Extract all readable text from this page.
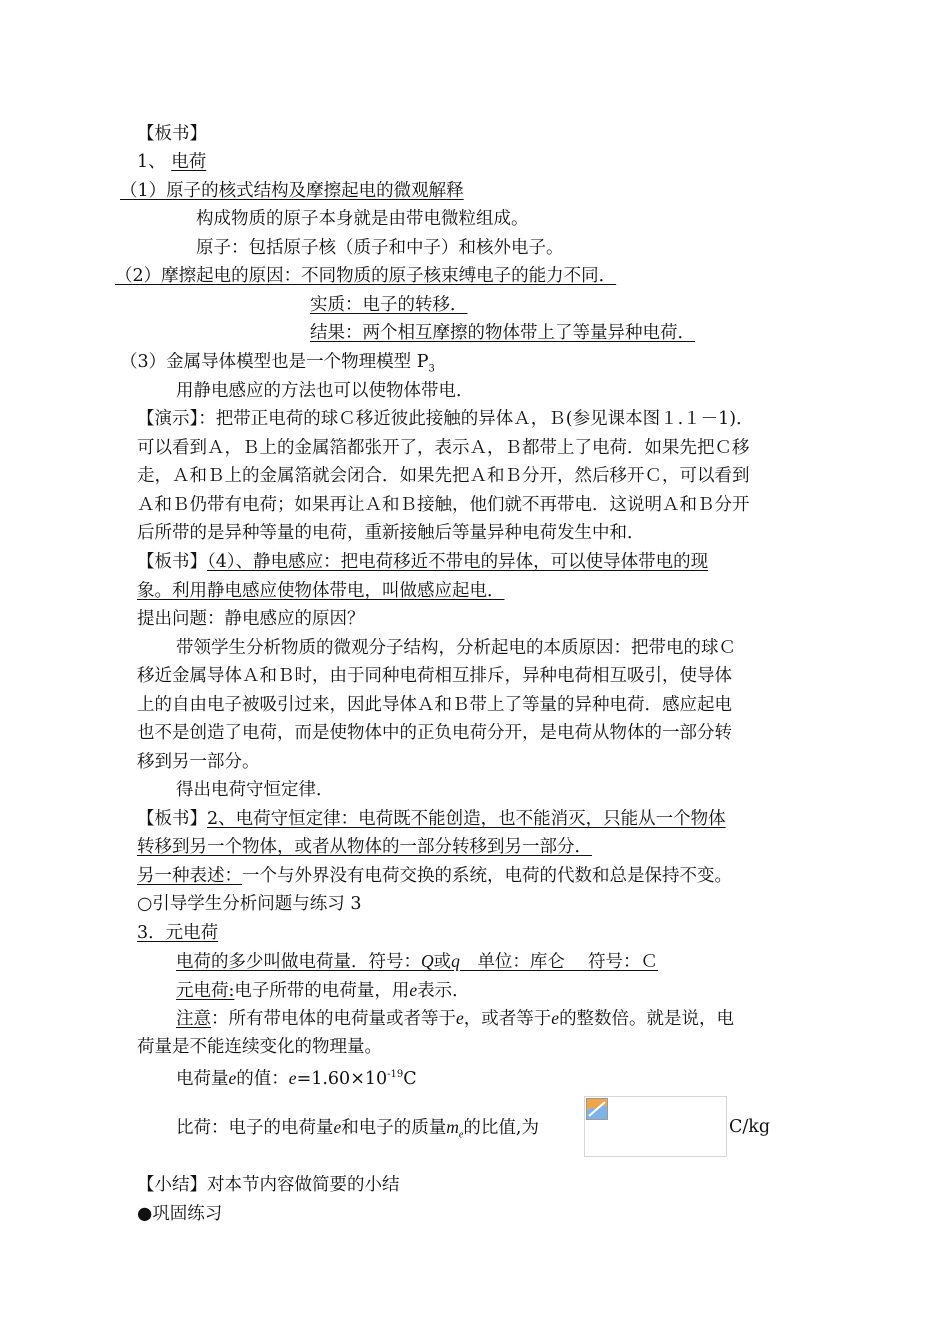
【板书】
1、 电荷
（1）原子的核式结构及摩擦起电的微观解释
构成物质的原子本身就是由带电微粒组成。
原子：包括原子核（质子和中子）和核外电子。
（2）摩擦起电的原因：不同物质的原子核束缚电子的能力不同．
实质：电子的转移．
结果：两个相互摩擦的物体带上了等量异种电荷．
（3）金属导体模型也是一个物理模型 $P_3$
用静电感应的方法也可以使物体带电．
【演示】：把带正电荷的球Ｃ移近彼此接触的异体Ａ，Ｂ(参见课本图１.１－1)．
可以看到Ａ，Ｂ上的金属箔都张开了，表示Ａ，Ｂ都带上了电荷．如果先把Ｃ移
走，Ａ和Ｂ上的金属箔就会闭合．如果先把Ａ和Ｂ分开，然后移开Ｃ，可以看到
Ａ和Ｂ仍带有电荷；如果再让Ａ和Ｂ接触，他们就不再带电．这说明Ａ和Ｂ分开
后所带的是异种等量的电荷，重新接触后等量异种电荷发生中和．
【板书】（4）、静电感应：把电荷移近不带电的异体，可以使导体带电的现
象。利用静电感应使物体带电，叫做感应起电．
提出问题：静电感应的原因？
带领学生分析物质的微观分子结构，分析起电的本质原因：把带电的球Ｃ
移近金属导体Ａ和Ｂ时，由于同种电荷相互排斥，异种电荷相互吸引，使导体
上的自由电子被吸引过来，因此导体Ａ和Ｂ带上了等量的异种电荷．感应起电
也不是创造了电荷，而是使物体中的正负电荷分开，是电荷从物体的一部分转
移到另一部分。
得出电荷守恒定律．
【板书】2、电荷守恒定律：电荷既不能创造，也不能消灭，只能从一个物体
转移到另一个物体，或者从物体的一部分转移到另一部分．
另一种表述：一个与外界没有电荷交换的系统，电荷的代数和总是保持不变。
○引导学生分析问题与练习 3
3．元电荷
电荷的多少叫做电荷量．符号：Q或q　单位：库仑　 符号：Ｃ
元电荷:电子所带的电荷量，用e表示．
注意：所有带电体的电荷量或者等于e，或者等于e的整数倍。就是说，电
荷量是不能连续变化的物理量。
电荷量e的值：$e=1.60\times 10^{-19}C$
比荷：电子的电荷量e和电子的质量$m_e$的比值,为	C/kg
【小结】对本节内容做简要的小结
●巩固练习
